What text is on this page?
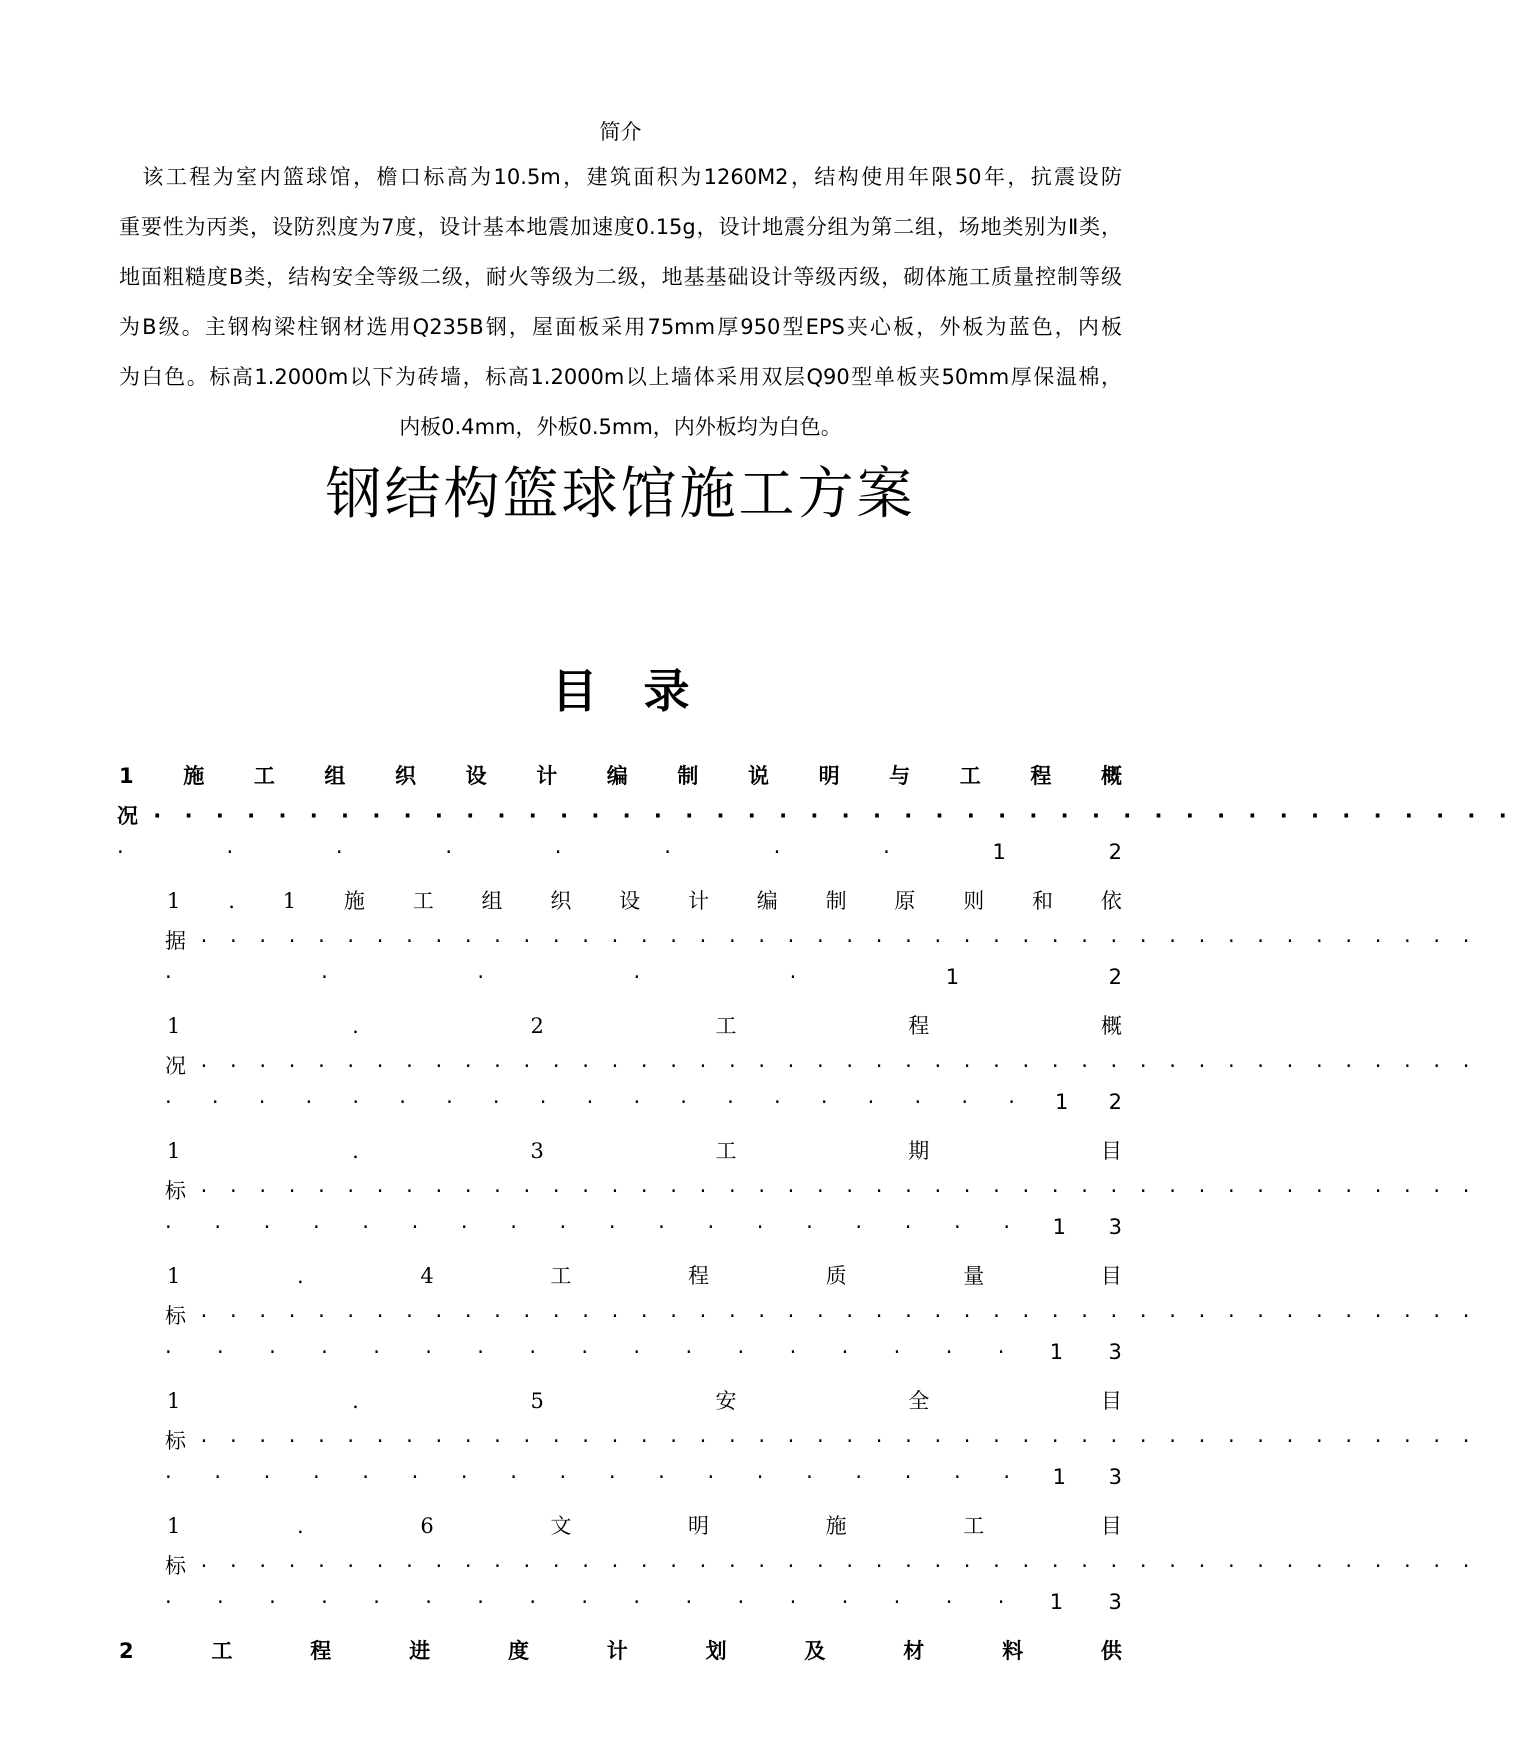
简介
　该工程为室内篮球馆，檐口标高为10.5m，建筑面积为1260M2，结构使用年限50年，抗震设防
重要性为丙类，设防烈度为7度，设计基本地震加速度0.15g，设计地震分组为第二组，场地类别为Ⅱ类，
地面粗糙度B类，结构安全等级二级，耐火等级为二级，地基基础设计等级丙级，砌体施工质量控制等级
为B级。主钢构梁柱钢材选用Q235B钢，屋面板采用75mm厚950型EPS夹心板，外板为蓝色，内板
为白色。标高1.2000m以下为砖墙，标高1.2000m以上墙体采用双层Q90型单板夹50mm厚保温棉，
内板0.4mm，外板0.5mm，内外板均为白色。
钢结构篮球馆施工方案
目　录
1 施 工 组 织 设 计 编 制 说 明 与 工 程 概
况 · · · · · · · · · · · · · · · · · · · · · · · · · · · · · · · · · · · · · · · · · · · ·
·	·	·	·	·	·	·	·	1	2
1 . 1 施 工 组 织 设 计 编 制 原 则 和 依
据 · · · · · · · · · · · · · · · · · · · · · · · · · · · · · · · · · · · · · · · · · · · ·
·	·	·	·	·	1	2
1	.	2	工	程	概
况 · · · · · · · · · · · · · · · · · · · · · · · · · · · · · · · · · · · · · · · · · · · ·
· · · · · · · · · · · · · · · · · · · 1 2
1	.	3	工	期	目
标 · · · · · · · · · · · · · · · · · · · · · · · · · · · · · · · · · · · · · · · · · · · ·
· · · · · · · · · · · · · · · · · · 1 3
1	.	4	工	程	质	量	目
标 · · · · · · · · · · · · · · · · · · · · · · · · · · · · · · · · · · · · · · · · · · · ·
· · · · · · · · · · · · · · · · · 1 3
1	.	5	安	全	目
标 · · · · · · · · · · · · · · · · · · · · · · · · · · · · · · · · · · · · · · · · · · · ·
· · · · · · · · · · · · · · · · · · 1 3
1	.	6	文	明	施	工	目
标 · · · · · · · · · · · · · · · · · · · · · · · · · · · · · · · · · · · · · · · · · · · ·
· · · · · · · · · · · · · · · · · 1 3
2	工	程	进	度	计	划	及	材	料	供
